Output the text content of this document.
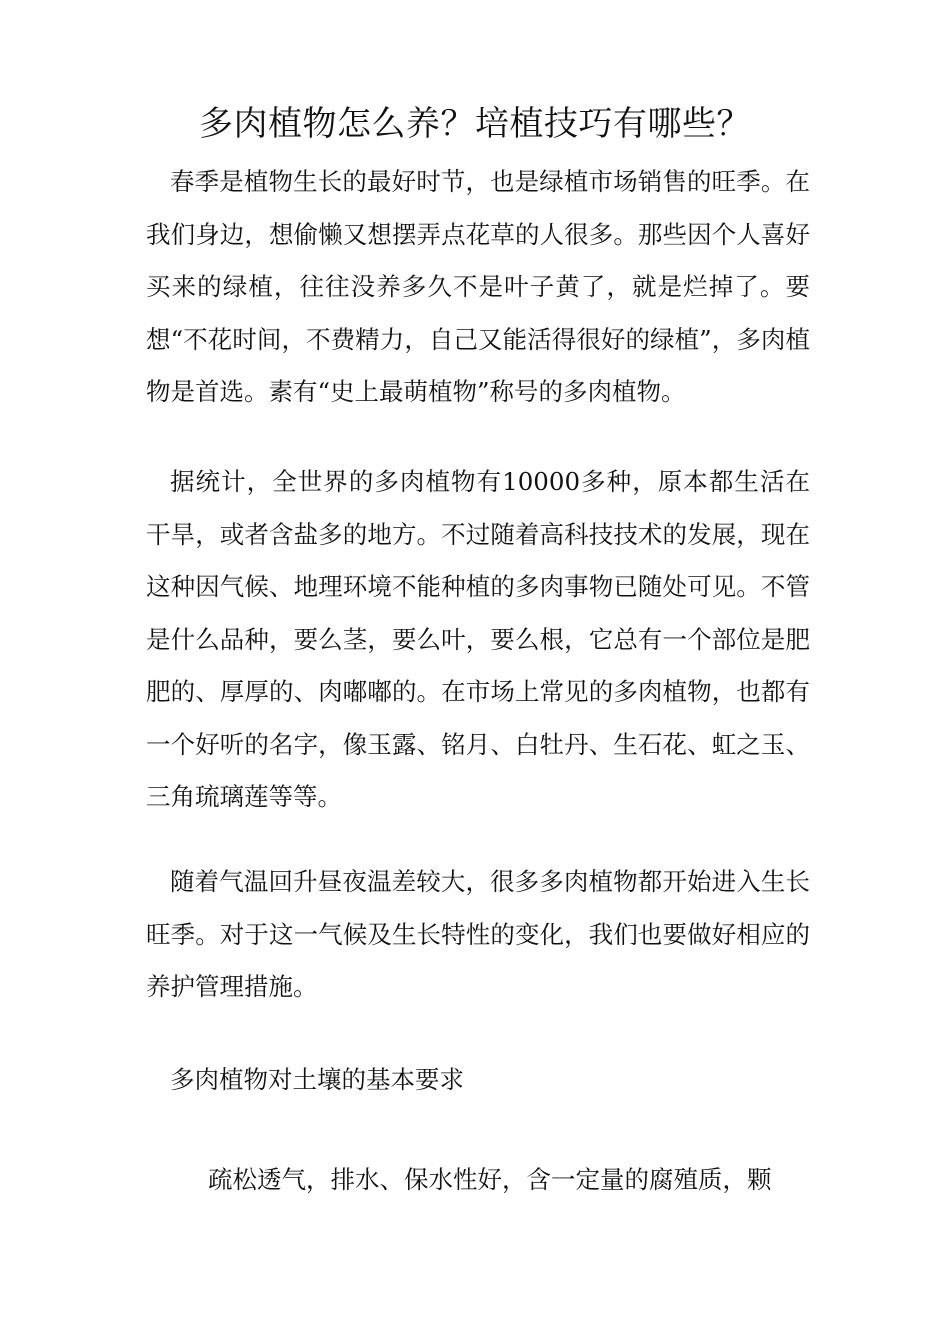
多肉植物怎么养？培植技巧有哪些？

春季是植物生长的最好时节，也是绿植市场销售的旺季。在我们身边，想偷懒又想摆弄点花草的人很多。那些因个人喜好买来的绿植，往往没养多久不是叶子黄了，就是烂掉了。要想“不花时间，不费精力，自己又能活得很好的绿植”，多肉植物是首选。素有“史上最萌植物”称号的多肉植物。

据统计，全世界的多肉植物有10000多种，原本都生活在干旱，或者含盐多的地方。不过随着高科技技术的发展，现在这种因气候、地理环境不能种植的多肉事物已随处可见。不管是什么品种，要么茎，要么叶，要么根，它总有一个部位是肥肥的、厚厚的、肉嘟嘟的。在市场上常见的多肉植物，也都有一个好听的名字，像玉露、铭月、白牡丹、生石花、虹之玉、三角琉璃莲等等。

随着气温回升昼夜温差较大，很多多肉植物都开始进入生长旺季。对于这一气候及生长特性的变化，我们也要做好相应的养护管理措施。

多肉植物对土壤的基本要求

疏松透气，排水、保水性好，含一定量的腐殖质，颗
